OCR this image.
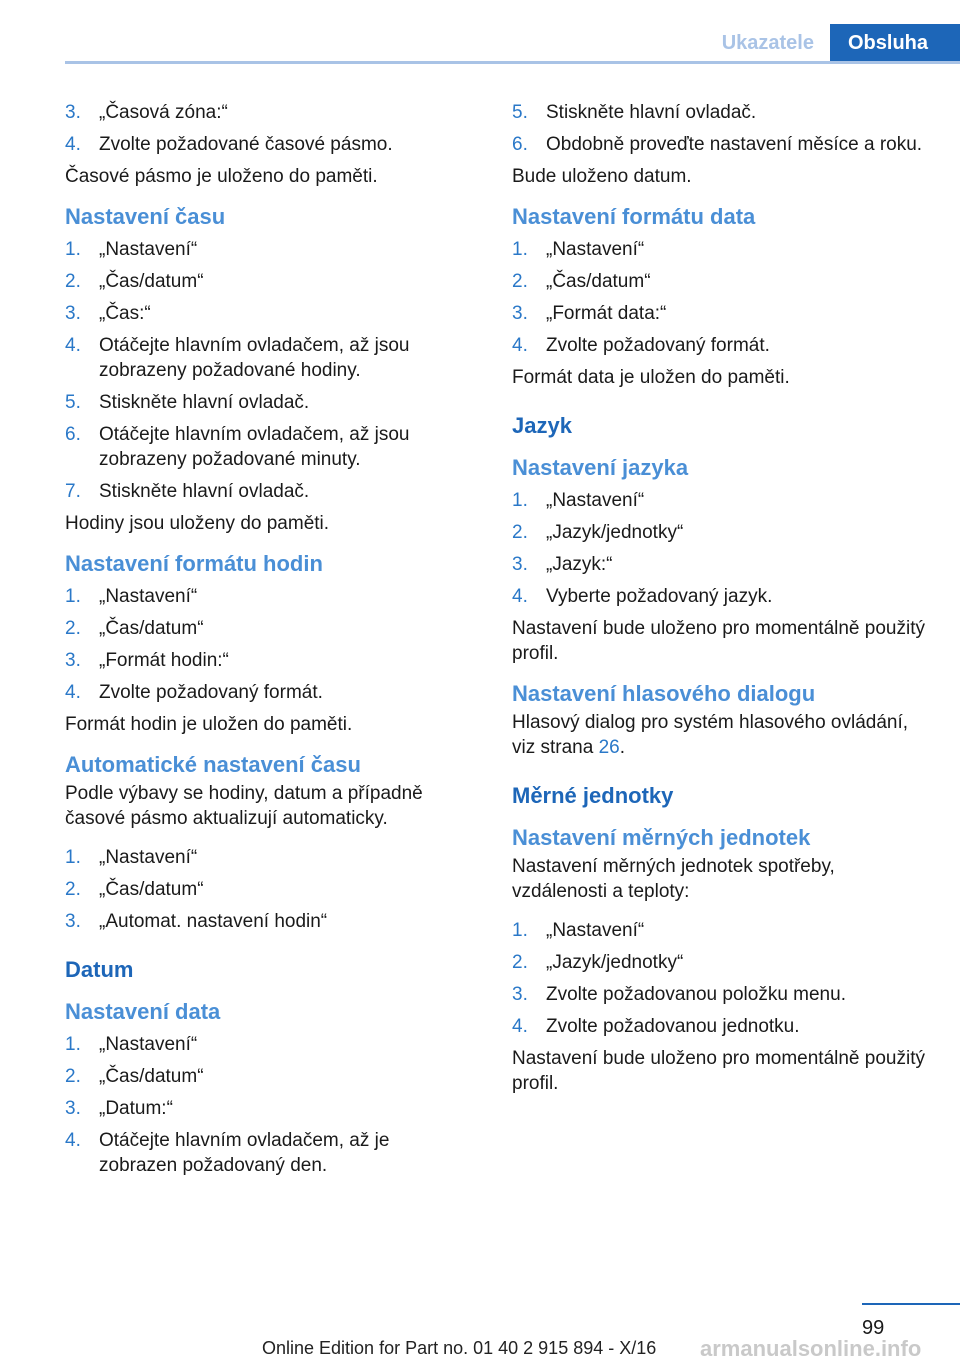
Ukazatele	Obsluha
3. „Časová zóna:“
4. Zvolte požadované časové pásmo.

Časové pásmo je uloženo do paměti.

Nastavení času
1. „Nastavení“
2. „Čas/datum“
3. „Čas:“
4. Otáčejte hlavním ovladačem, až jsou zobrazeny požadované hodiny.
5. Stiskněte hlavní ovladač.
6. Otáčejte hlavním ovladačem, až jsou zobrazeny požadované minuty.
7. Stiskněte hlavní ovladač.

Hodiny jsou uloženy do paměti.

Nastavení formátu hodin
1. „Nastavení“
2. „Čas/datum“
3. „Formát hodin:“
4. Zvolte požadovaný formát.

Formát hodin je uložen do paměti.

Automatické nastavení času

Podle výbavy se hodiny, datum a případně časové pásmo aktualizují automaticky.

1. „Nastavení“
2. „Čas/datum“
3. „Automat. nastavení hodin“
Datum
Nastavení data
1. „Nastavení“
2. „Čas/datum“
3. „Datum:“
4. Otáčejte hlavním ovladačem, až je zobrazen požadovaný den.
5. Stiskněte hlavní ovladač.
6. Obdobně proveďte nastavení měsíce a roku.

Bude uloženo datum.

Nastavení formátu data
1. „Nastavení“
2. „Čas/datum“
3. „Formát data:“
4. Zvolte požadovaný formát.

Formát data je uložen do paměti.

Jazyk
Nastavení jazyka
1. „Nastavení“
2. „Jazyk/jednotky“
3. „Jazyk:“
4. Vyberte požadovaný jazyk.

Nastavení bude uloženo pro momentálně použitý profil.

Nastavení hlasového dialogu

Hlasový dialog pro systém hlasového ovládání, viz strana 26.

Měrné jednotky
Nastavení měrných jednotek

Nastavení měrných jednotek spotřeby, vzdálenosti a teploty:

1. „Nastavení“
2. „Jazyk/jednotky“
3. Zvolte požadovanou položku menu.
4. Zvolte požadovanou jednotku.

Nastavení bude uloženo pro momentálně použitý profil.

99
Online Edition for Part no. 01 40 2 915 894 - X/16 armanualsonline.info
